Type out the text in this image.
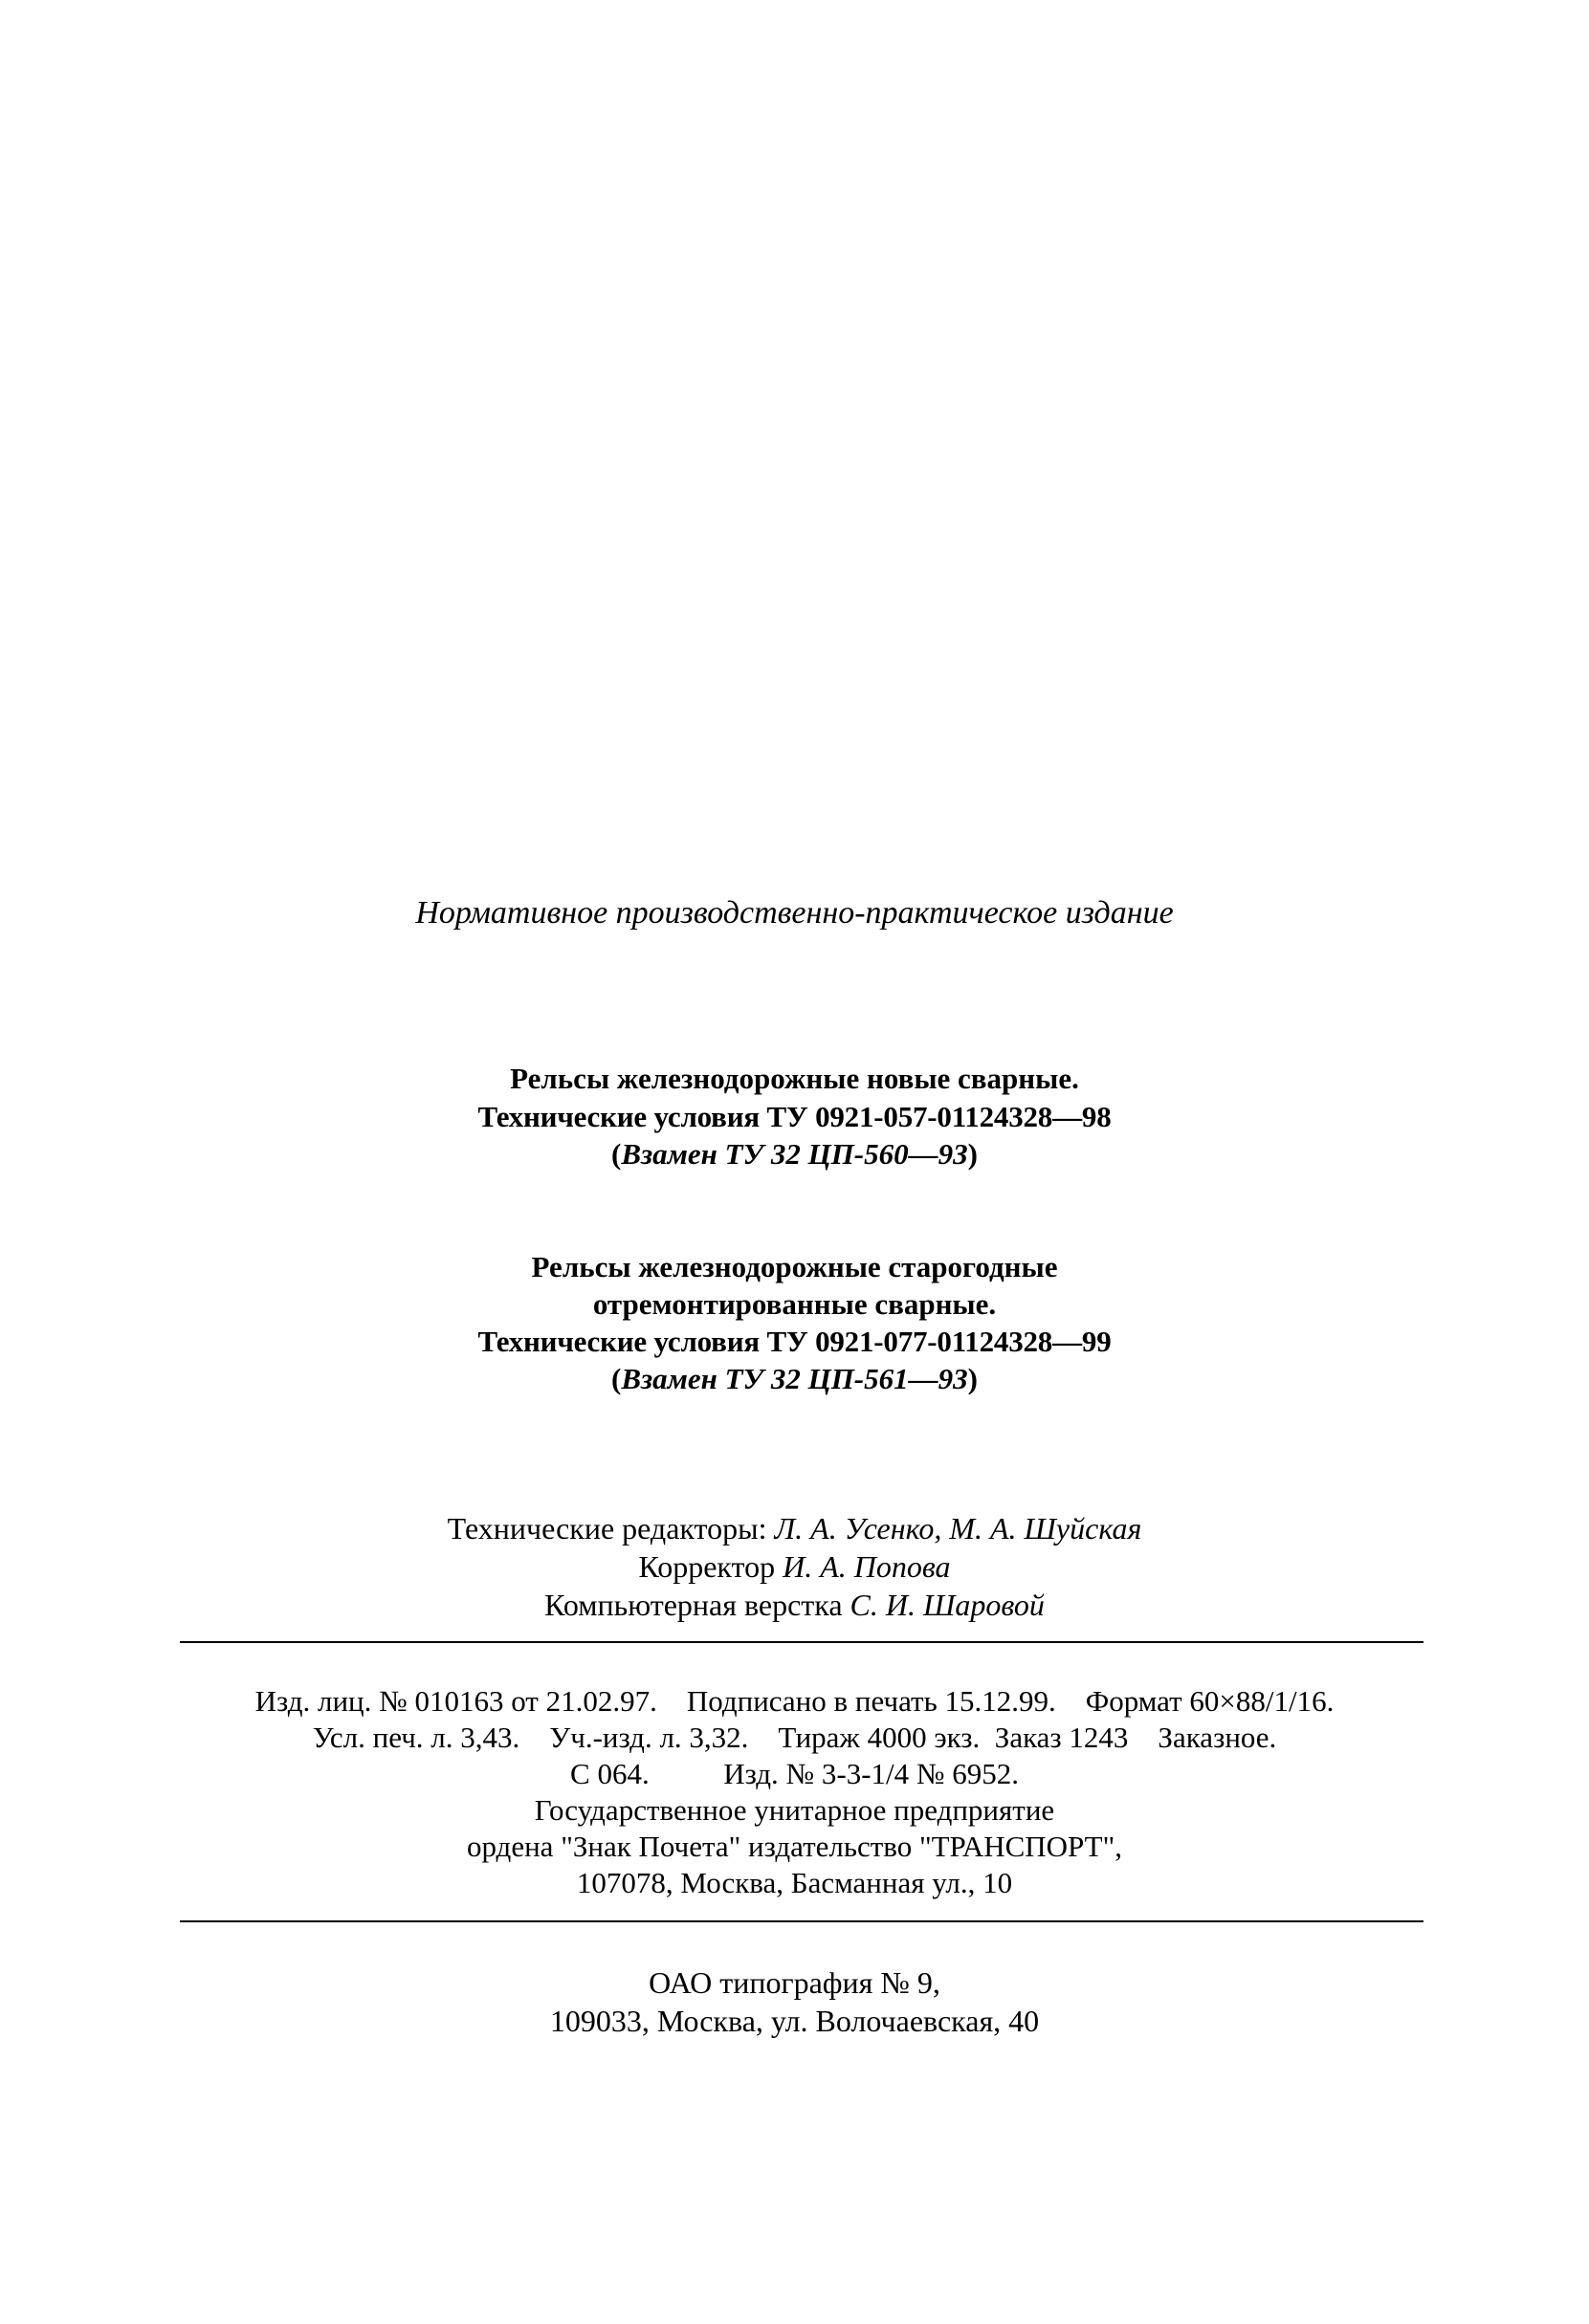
Нормативное производственно-практическое издание
Рельсы железнодорожные новые сварные.
Технические условия ТУ 0921-057-01124328—98
(Взамен ТУ 32 ЦП-560—93)
Рельсы железнодорожные старогодные
отремонтированные сварные.
Технические условия ТУ 0921-077-01124328—99
(Взамен ТУ 32 ЦП-561—93)
Технические редакторы: Л. А. Усенко, М. А. Шуйская
Корректор И. А. Попова
Компьютерная верстка С. И. Шаровой
Изд. лиц. № 010163 от 21.02.97.    Подписано в печать 15.12.99.    Формат 60×88/1/16.
Усл. печ. л. 3,43.    Уч.-изд. л. 3,32.    Тираж 4000 экз.  Заказ 1243    Заказное.
С 064.          Изд. № 3-3-1/4 № 6952.
Государственное унитарное предприятие
ордена "Знак Почета" издательство "ТРАНСПОРТ",
107078, Москва, Басманная ул., 10
ОАО типография № 9,
109033, Москва, ул. Волочаевская, 40
